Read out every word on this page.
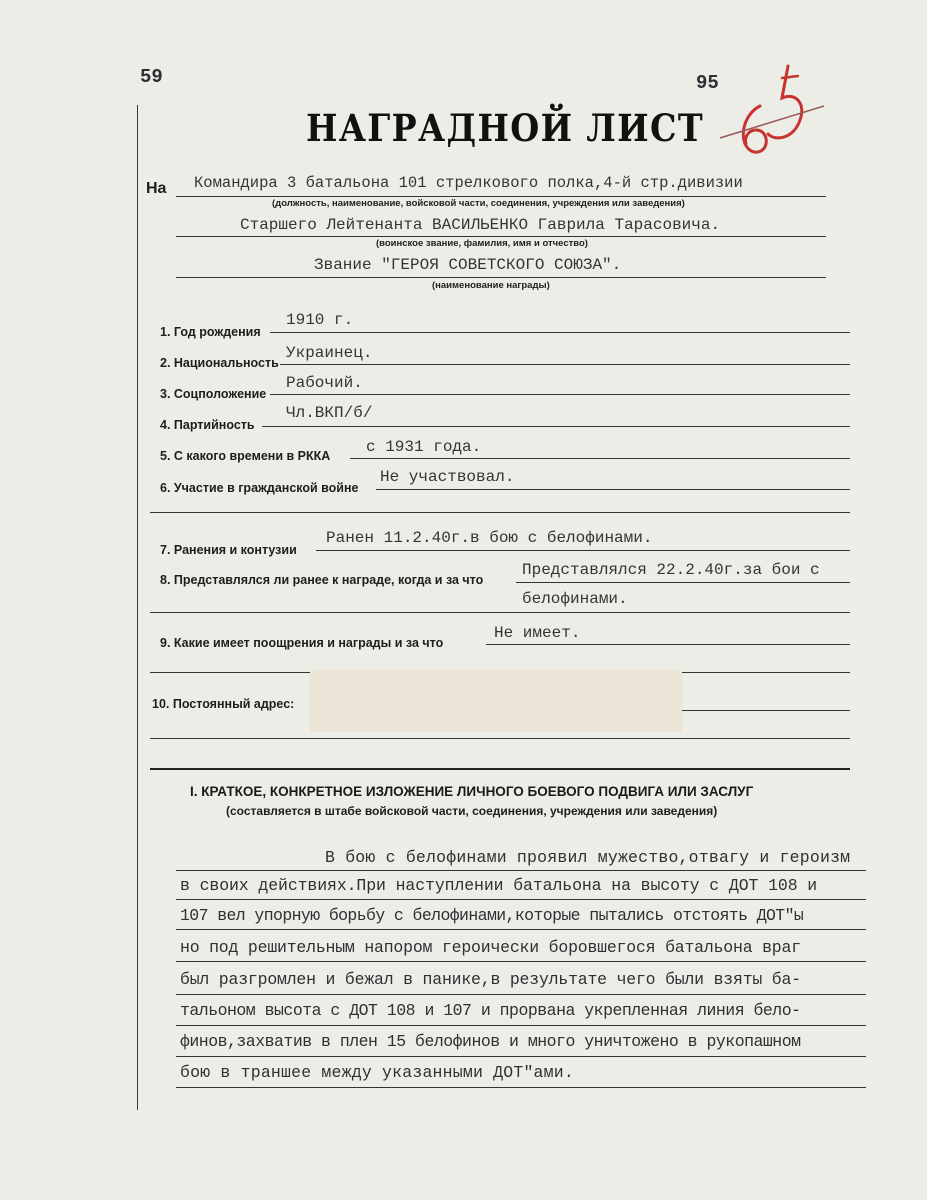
59	95
НАГРАДНОЙ ЛИСТ
На Командира 3 батальона 101 стрелкового полка,4-й стр.дивизии
(должность, наименование, войсковой части, соединения, учреждения или заведения)
Старшего Лейтенанта ВАСИЛЬЕНКО Гаврила Тарасовича.
(воинское звание, фамилия, имя и отчество)
Звание "ГЕРОЯ СОВЕТСКОГО СОЮЗА".
(наименование награды)
1. Год рождения
1910 г.
2. Национальность
Украинец.
3. Соцположение
Рабочий.
4. Партийность
Чл.ВКП/б/
5. С какого времени в РККА с 1931 года.
6. Участие в гражданской войне
Не участвовал.
7. Ранения и контузии
Ранен 11.2.40г.в бою с белофинами.
8. Представлялся ли ранее к награде, когда и за что
Представлялся 22.2.40г.за бои с
белофинами.
9. Какие имеет поощрения и награды и за что
Не имеет.
10. Постоянный адрес:
I. КРАТКОЕ, КОНКРЕТНОЕ ИЗЛОЖЕНИЕ ЛИЧНОГО БОЕВОГО ПОДВИГА ИЛИ ЗАСЛУГ
(составляется в штабе войсковой части, соединения, учреждения или заведения)
В бою с белофинами проявил мужество,отвагу и героизм
в своих действиях.При наступлении батальона на высоту с ДОТ 108 и
107 вел упорную борьбу с белофинами,которые пытались отстоять ДОТ"ы
но под решительным напором героически боровшегося батальона враг
был разгромлен и бежал в панике,в результате чего были взяты ба-
тальоном высота с ДОТ 108 и 107 и прорвана укрепленная линия бело-
финов,захватив в плен 15 белофинов и много уничтожено в рукопашном
бою в траншее между указанными ДОТ"ами.
